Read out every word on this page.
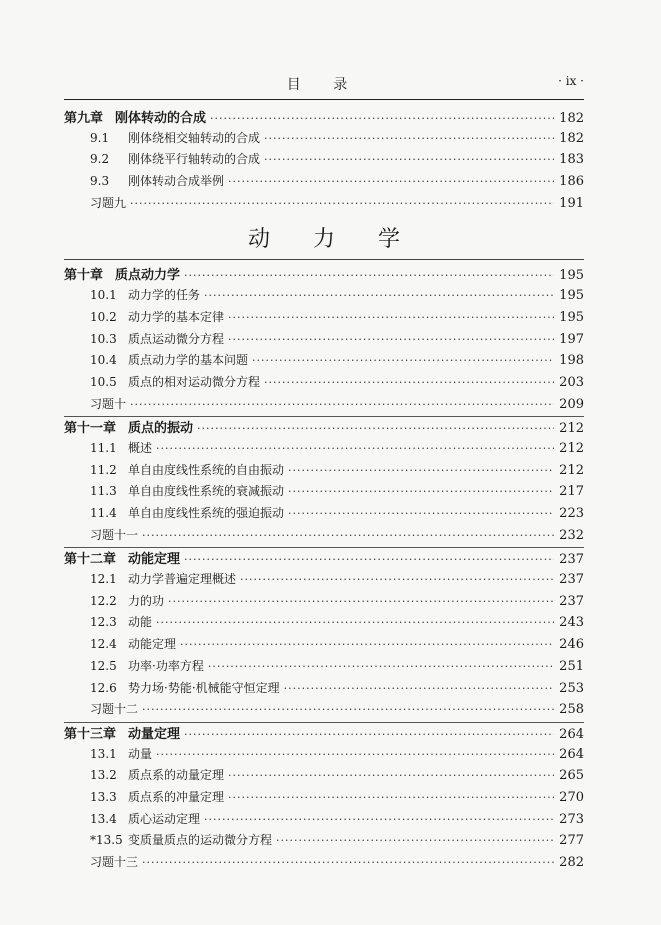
目 录	· ix ·
第九章 刚体转动的合成 ·····	182
9.1	刚体绕相交轴转动的合成 ·····	182
9.2	刚体绕平行轴转动的合成 ·····	183
9.3	刚体转动合成举例 ·····	186
习题九 ·····	191
动 力 学
第十章 质点动力学 ·····	195
10.1 动力学的任务 ·····	195
10.2 动力学的基本定律 ·····	195
10.3 质点运动微分方程 ·····	197
10.4 质点动力学的基本问题 ·····	198
10.5 质点的相对运动微分方程 ·····	203
习题十 ·····	209
第十一章 质点的振动 ·····	212
11.1 概述 ·····	212
11.2 单自由度线性系统的自由振动 ·····	212
11.3 单自由度线性系统的衰减振动 ·····	217
11.4 单自由度线性系统的强迫振动 ·····	223
习题十一 ·····	232
第十二章 动能定理 ·····	237
12.1 动力学普遍定理概述 ·····	237
12.2 力的功 ·····	237
12.3 动能 ·····	243
12.4 动能定理 ·····	246
12.5 功率·功率方程 ·····	251
12.6 势力场·势能·机械能守恒定理 ·····	253
习题十二 ·····	258
第十三章 动量定理 ·····	264
13.1 动量 ·····	264
13.2 质点系的动量定理 ·····	265
13.3 质点系的冲量定理 ·····	270
13.4 质心运动定理 ·····	273
*13.5 变质量质点的运动微分方程 ·····	277
习题十三 ·····	282
